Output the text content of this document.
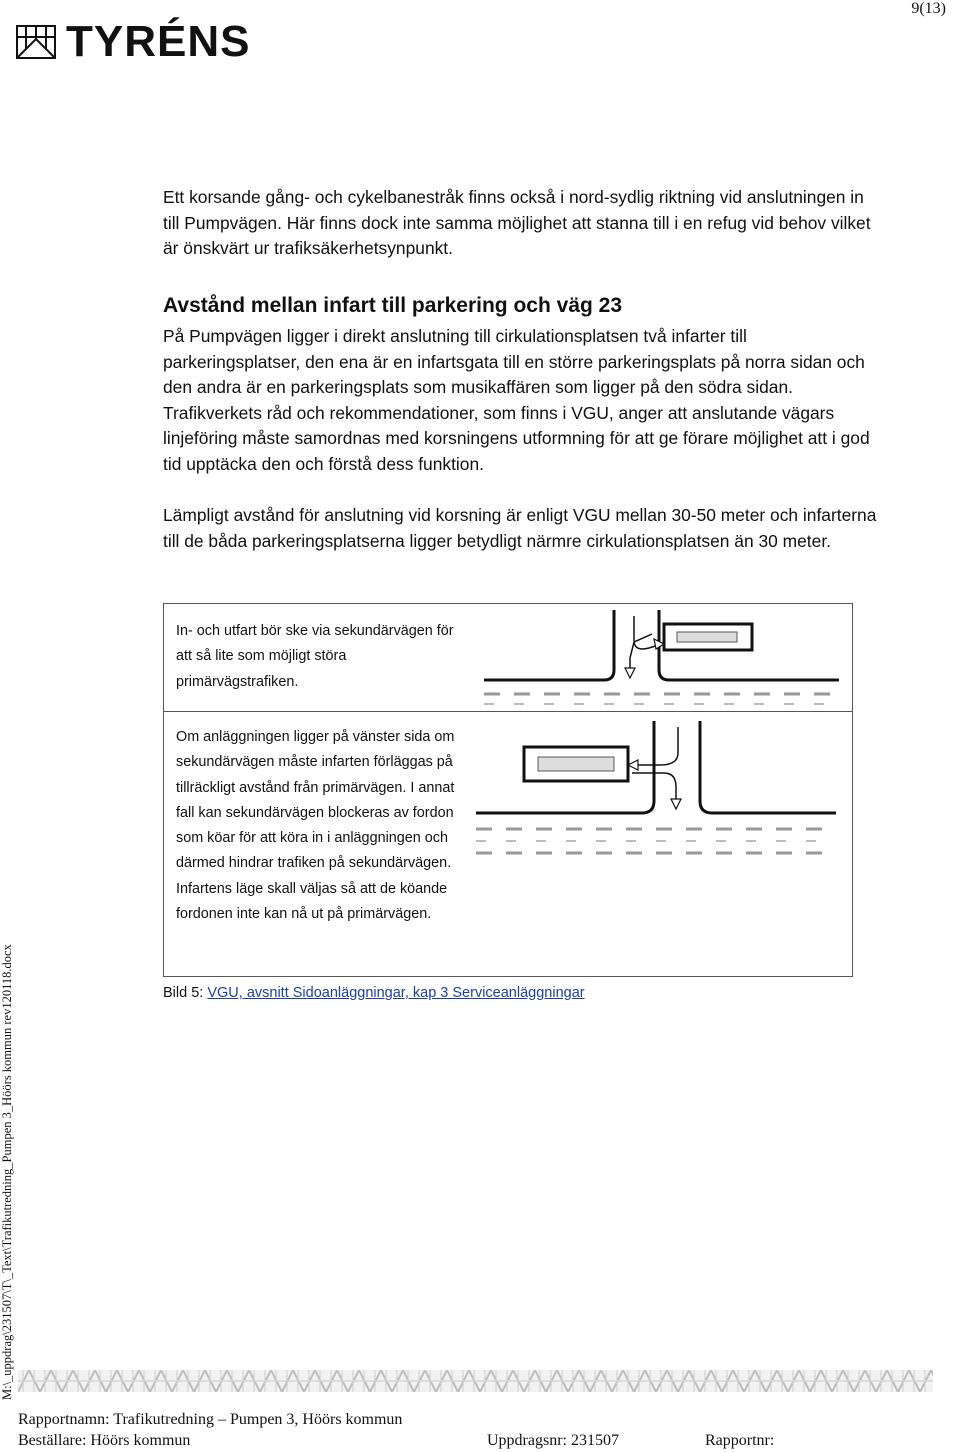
9(13)
TYRÉNS

Ett korsande gång- och cykelbanestråk finns också i nord-sydlig riktning vid anslutningen in till Pumpvägen. Här finns dock inte samma möjlighet att stanna till i en refug vid behov vilket är önskvärt ur trafiksäkerhetsynpunkt.

Avstånd mellan infart till parkering och väg 23

På Pumpvägen ligger i direkt anslutning till cirkulationsplatsen två infarter till parkeringsplatser, den ena är en infartsgata till en större parkeringsplats på norra sidan och den andra är en parkeringsplats som musikaffären som ligger på den södra sidan. Trafikverkets råd och rekommendationer, som finns i VGU, anger att anslutande vägars linjeföring måste samordnas med korsningens utformning för att ge förare möjlighet att i god tid upptäcka den och förstå dess funktion.

Lämpligt avstånd för anslutning vid korsning är enligt VGU mellan 30-50 meter och infarterna till de båda parkeringsplatserna ligger betydligt närmre cirkulationsplatsen än 30 meter.

In- och utfart bör ske via sekundärvägen för att så lite som möjligt störa primärvägstrafiken.

Om anläggningen ligger på vänster sida om sekundärvägen måste infarten förläggas på tillräckligt avstånd från primärvägen. I annat fall kan sekundärvägen blockeras av fordon som köar för att köra in i anläggningen och därmed hindrar trafiken på sekundärvägen. Infartens läge skall väljas så att de köande fordonen inte kan nå ut på primärvägen.

Bild 5: VGU, avsnitt Sidoanläggningar, kap 3 Serviceanläggningar
M:\_uppdrag\231507\T\_Text\Trafikutredning_Pumpen 3_Höörs kommun rev120118.docx
Rapportnamn: Trafikutredning – Pumpen 3, Höörs kommun
Beställare: Höörs kommun	Uppdragsnr: 231507	Rapportnr:
